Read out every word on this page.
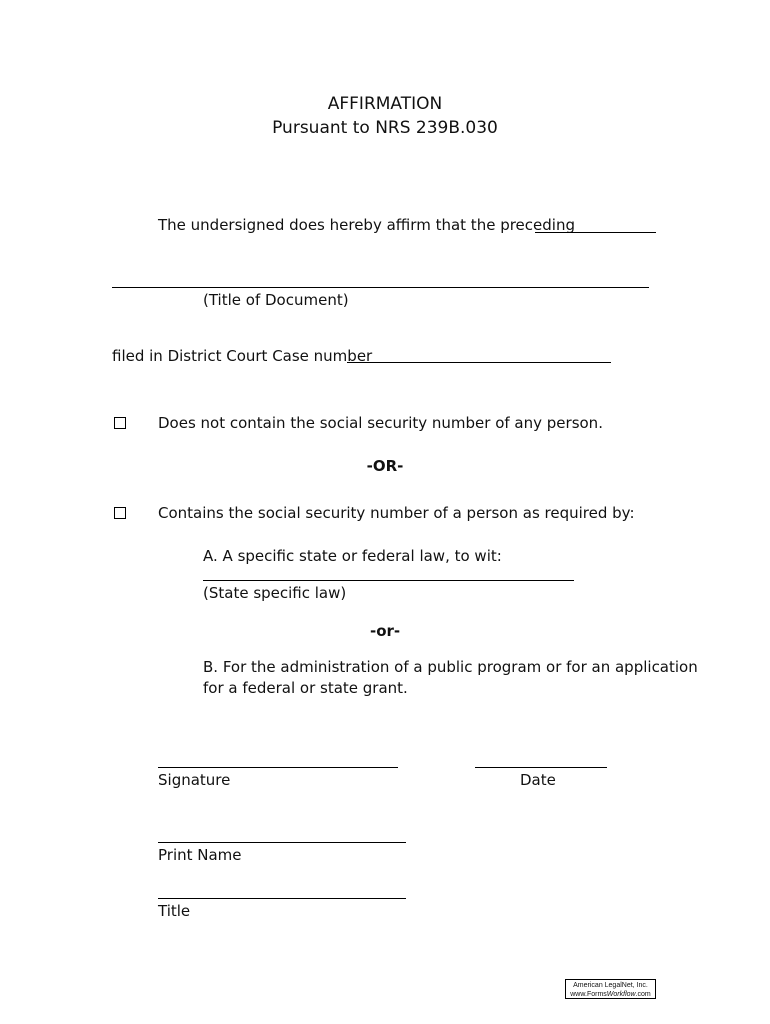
AFFIRMATION
Pursuant to NRS 239B.030
The undersigned does hereby affirm that the preceding
(Title of Document)
filed in District Court Case number
Does not contain the social security number of any person.
-OR-
Contains the social security number of a person as required by:
A. A specific state or federal law, to wit:
(State specific law)
-or-
B. For the administration of a public program or for an application
for a federal or state grant.
Signature	Date
Print Name
Title
American LegalNet, Inc.
www.FormsWorkflow.com
